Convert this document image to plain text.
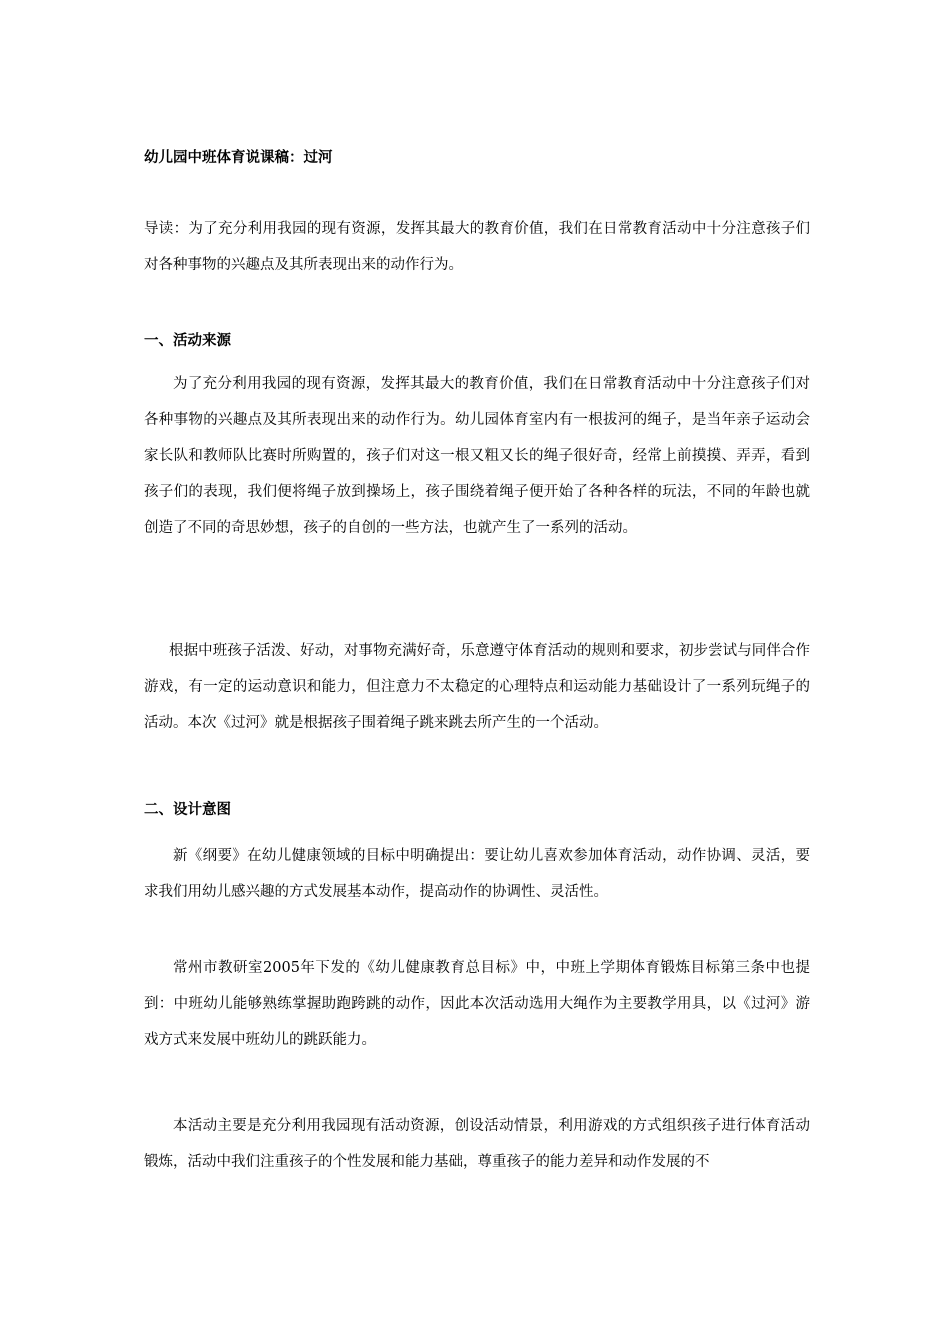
幼儿园中班体育说课稿：过河

导读：为了充分利用我园的现有资源，发挥其最大的教育价值，我们在日常教育活动中十分注意孩子们对各种事物的兴趣点及其所表现出来的动作行为。

一、活动来源

为了充分利用我园的现有资源，发挥其最大的教育价值，我们在日常教育活动中十分注意孩子们对各种事物的兴趣点及其所表现出来的动作行为。幼儿园体育室内有一根拔河的绳子，是当年亲子运动会家长队和教师队比赛时所购置的，孩子们对这一根又粗又长的绳子很好奇，经常上前摸摸、弄弄，看到孩子们的表现，我们便将绳子放到操场上，孩子围绕着绳子便开始了各种各样的玩法，不同的年龄也就创造了不同的奇思妙想，孩子的自创的一些方法，也就产生了一系列的活动。

根据中班孩子活泼、好动，对事物充满好奇，乐意遵守体育活动的规则和要求，初步尝试与同伴合作游戏，有一定的运动意识和能力，但注意力不太稳定的心理特点和运动能力基础设计了一系列玩绳子的活动。本次《过河》就是根据孩子围着绳子跳来跳去所产生的一个活动。

二、设计意图

新《纲要》在幼儿健康领域的目标中明确提出：要让幼儿喜欢参加体育活动，动作协调、灵活，要求我们用幼儿感兴趣的方式发展基本动作，提高动作的协调性、灵活性。

常州市教研室2005年下发的《幼儿健康教育总目标》中，中班上学期体育锻炼目标第三条中也提到：中班幼儿能够熟练掌握助跑跨跳的动作，因此本次活动选用大绳作为主要教学用具，以《过河》游戏方式来发展中班幼儿的跳跃能力。

本活动主要是充分利用我园现有活动资源，创设活动情景，利用游戏的方式组织孩子进行体育活动锻炼，活动中我们注重孩子的个性发展和能力基础，尊重孩子的能力差异和动作发展的不
